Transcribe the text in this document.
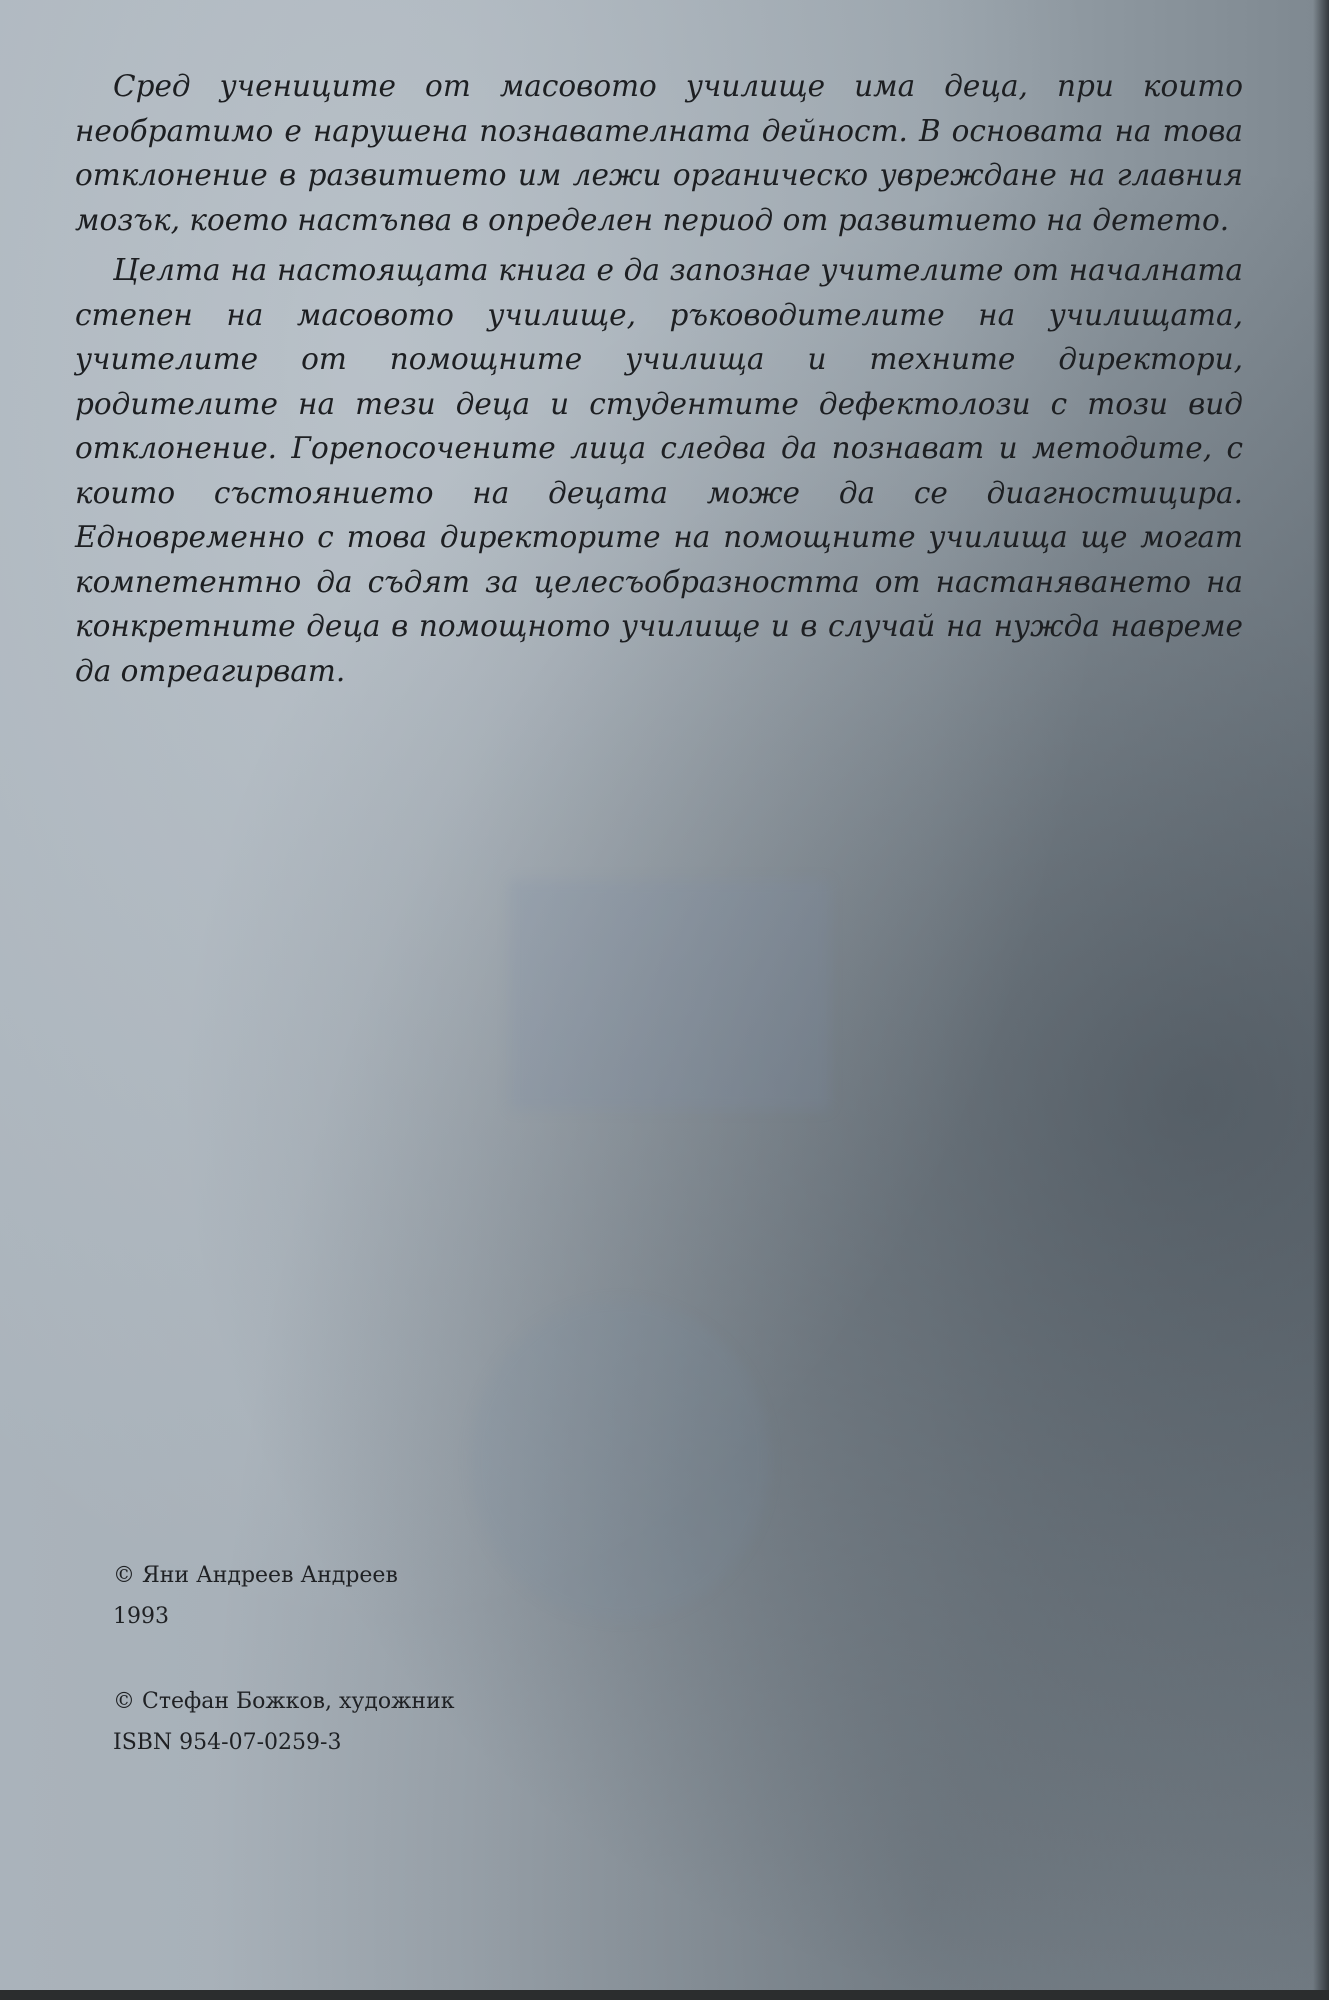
Сред учениците от масовото училище има деца, при които необратимо е нарушена познавателната дейност. В основата на това отклонение в развитието им лежи органическо увреждане на главния мозък, което настъпва в определен период от развитието на детето.

Целта на настоящата книга е да запознае учителите от началната степен на масовото училище, ръководителите на училищата, учителите от помощните училища и техните директори, родителите на тези деца и студентите дефектолози с този вид отклонение. Горепосочените лица следва да познават и методите, с които състоянието на децата може да се диагностицира. Едновременно с това директорите на помощните училища ще могат компетентно да съдят за целесъобразността от настаняването на конкретните деца в помощното училище и в случай на нужда навреме да отреагирват.

© Яни Андреев Андреев
1993
© Стефан Божков, художник
ISBN 954-07-0259-3
